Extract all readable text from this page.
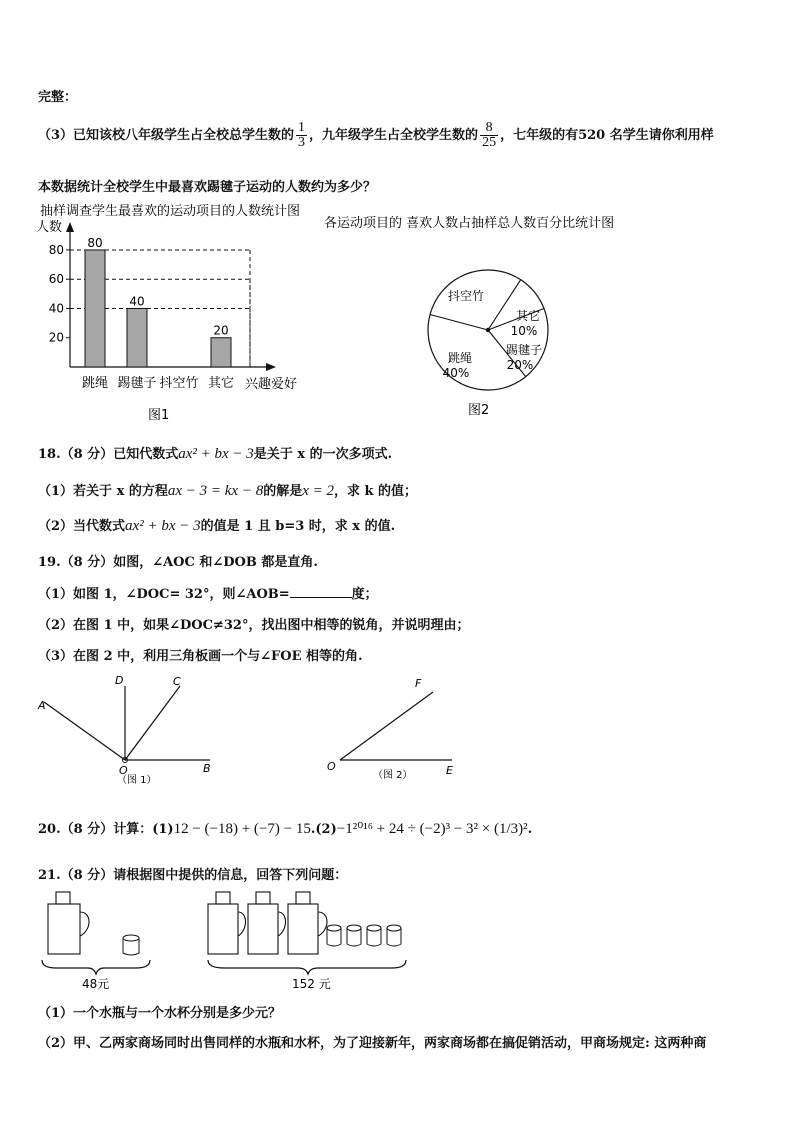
完整：
（3）已知该校八年级学生占全校总学生数的 $\frac{1}{3}$ ，九年级学生占全校学生数的 $\frac{8}{25}$ ，七年级的有520 名学生请你利用样
本数据统计全校学生中最喜欢踢毽子运动的人数约为多少？
抽样调查学生最喜欢的运动项目的人数统计图
人数
20
40
60
80 80
40
20
跳绳 踢毽子 抖空竹 其它 兴趣爱好
图1
各运动项目的 喜欢人数占抽样总人数百分比统计图
抖空竹
其它
10%
踢毽子
20%
跳绳
40%
图2
18.（8 分）已知代数式ax² + bx − 3是关于 x 的一次多项式.
（1）若关于 x 的方程ax − 3 = kx − 8的解是x = 2，求 k 的值；
（2）当代数式ax² + bx − 3的值是 1 且 b=3 时，求 x 的值.
19.（8 分）如图，∠AOC 和∠DOB 都是直角.
（1）如图 1，∠DOC= 32°，则∠AOB=	度；
（2）在图 1 中，如果∠DOC≠32°，找出图中相等的锐角，并说明理由；
（3）在图 2 中，利用三角板画一个与∠FOE 相等的角.
A
D	C
O	B
（图 1）
F
O	E
（图 2）
20.（8 分）计算：(1)12 − (−18) + (−7) − 15.(2)−1²⁰¹⁶ + 24 ÷ (−2)³ − 3² × (1/3)².
21.（8 分）请根据图中提供的信息，回答下列问题：
48元	152 元
（1）一个水瓶与一个水杯分别是多少元？
（2）甲、乙两家商场同时出售同样的水瓶和水杯，为了迎接新年，两家商场都在搞促销活动，甲商场规定: 这两种商
